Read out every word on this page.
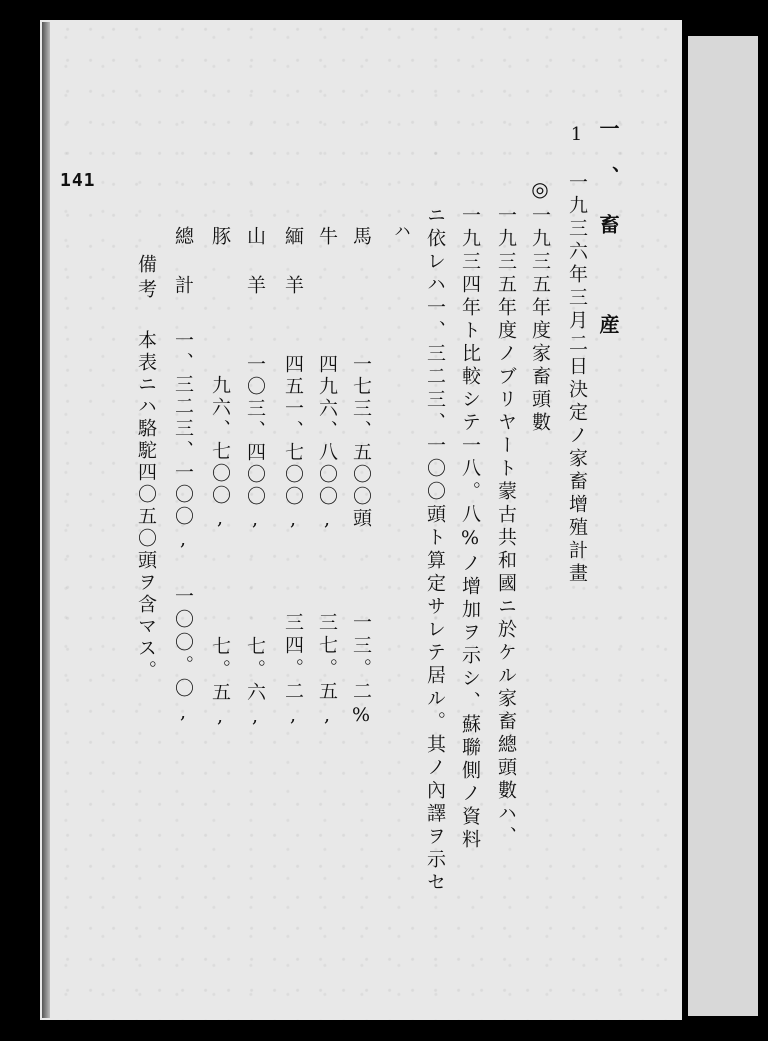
141	一、畜 産
1
一九三六年三月二日決定ノ家畜增殖計畫
◎
一九三五年度家畜頭數
一九三五年度ノブリヤート蒙古共和國ニ於ケル家畜總頭數ハ、
一九三四年ト比較シテ一八。八%ノ增加ヲ示シ、蘇聯側ノ資料
ニ依レハ一、三二三、一〇〇頭ト算定サレテ居ル。其ノ內譯ヲ示セ
ハ
馬
牛
緬羊
山羊
豚
總計
一七三、五〇〇頭
四九六、八〇〇,
四五一、七〇〇,
一〇三、四〇〇,
九六、七〇〇,
一、三二三、一〇〇,
一三。二%
三七。五,
三四。二,
七。六,
七。五,
一〇〇。〇,
備考
本表ニハ駱駝四〇五〇頭ヲ含マス。
